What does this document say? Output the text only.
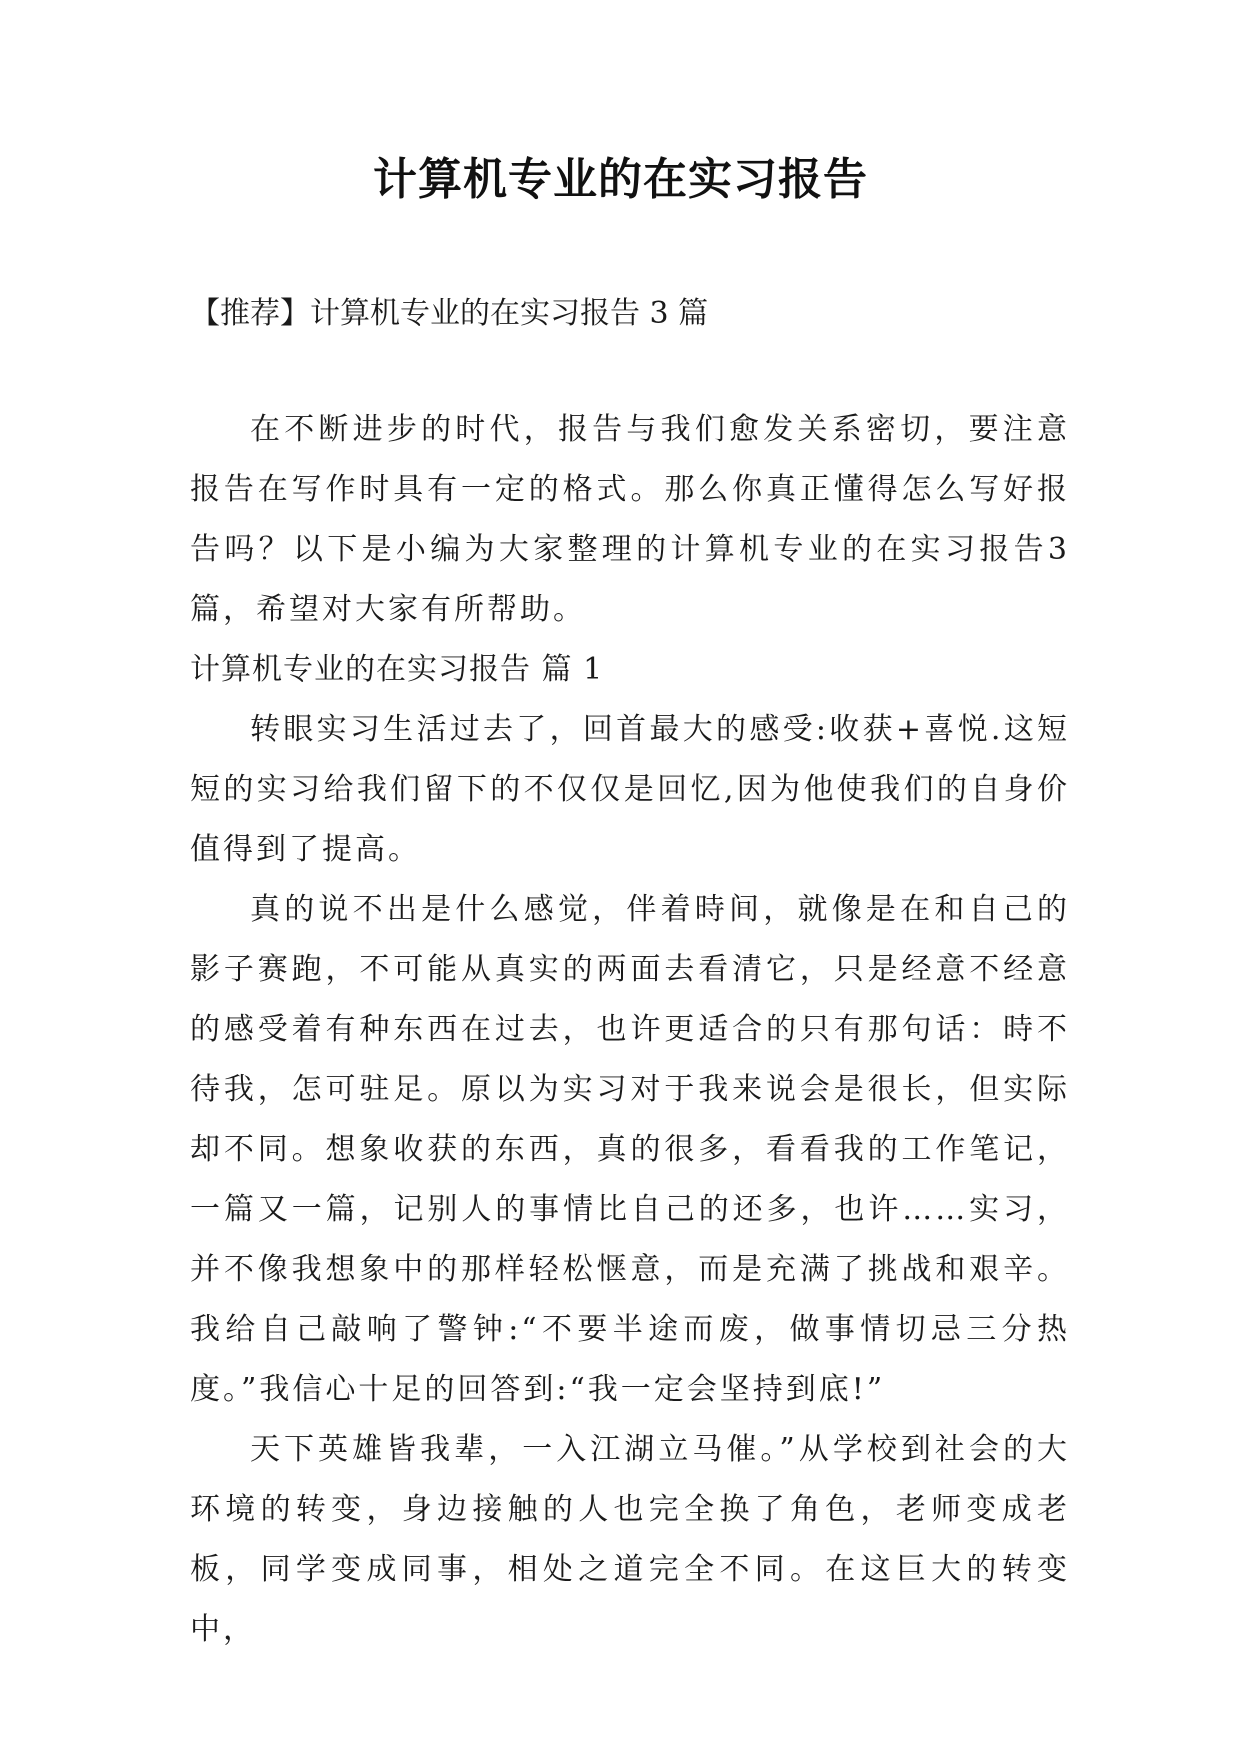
计算机专业的在实习报告
【推荐】计算机专业的在实习报告 3 篇

在不断进步的时代，报告与我们愈发关系密切，要注意报告在写作时具有一定的格式。那么你真正懂得怎么写好报告吗？以下是小编为大家整理的计算机专业的在实习报告3篇，希望对大家有所帮助。

计算机专业的在实习报告 篇 1

转眼实习生活过去了，回首最大的感受:收获+喜悦.这短短的实习给我们留下的不仅仅是回忆,因为他使我们的自身价值得到了提高。

真的说不出是什么感觉，伴着時间，就像是在和自己的影子赛跑，不可能从真实的两面去看清它，只是经意不经意的感受着有种东西在过去，也许更适合的只有那句话：時不待我，怎可驻足。原以为实习对于我来说会是很长，但实际却不同。想象收获的东西，真的很多，看看我的工作笔记，一篇又一篇，记别人的事情比自己的还多，也许……实习，并不像我想象中的那样轻松惬意，而是充满了挑战和艰辛。我给自己敲响了警钟:“不要半途而废，做事情切忌三分热度。”我信心十足的回答到:“我一定会坚持到底!”

天下英雄皆我辈，一入江湖立马催。”从学校到社会的大环境的转变，身边接触的人也完全换了角色，老师变成老板，同学变成同事，相处之道完全不同。在这巨大的转变中，
